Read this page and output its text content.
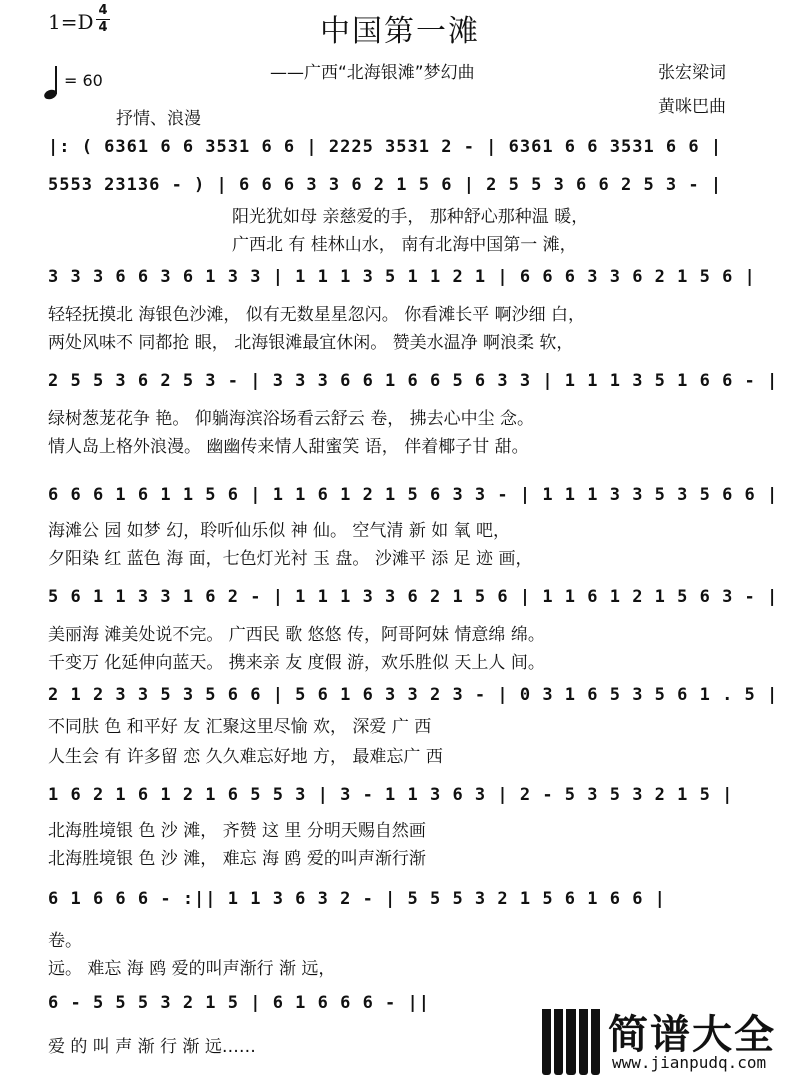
1=D 4
4	中国第一滩
——广西“北海银滩”梦幻曲	张宏梁词
黄咪巴曲
= 60
抒情、浪漫
|: ( 6361 6 6 3531 6 6 | 2225 3531 2 - | 6361 6 6 3531 6 6 |
5553 23136 - ) | 6 6 6 3 3 6 2 1 5 6 | 2 5 5 3 6 6 2 5 3 - |
阳光犹如母 亲慈爱的手， 那种舒心那种温 暖，
广西北 有 桂林山水， 南有北海中国第一 滩，
3 3 3 6 6 3 6 1 3 3 | 1 1 1 3 5 1 1 2 1 | 6 6 6 3 3 6 2 1 5 6 |
轻轻抚摸北 海银色沙滩， 似有无数星星忽闪。 你看滩长平 啊沙细 白，
两处风味不 同都抢 眼， 北海银滩最宜休闲。 赞美水温净 啊浪柔 软，
2 5 5 3 6 2 5 3 - | 3 3 3 6 6 1 6 6 5 6 3 3 | 1 1 1 3 5 1 6 6 - |
绿树葱茏花争 艳。 仰躺海滨浴场看云舒云 卷， 拂去心中尘 念。
情人岛上格外浪漫。 幽幽传来情人甜蜜笑 语， 伴着椰子甘 甜。
6 6 6 1 6 1 1 5 6 | 1 1 6 1 2 1 5 6 3 3 - | 1 1 1 3 3 5 3 5 6 6 |
海滩公 园 如梦 幻，聆听仙乐似 神 仙。 空气清 新 如 氧 吧，
夕阳染 红 蓝色 海 面，七色灯光衬 玉 盘。 沙滩平 添 足 迹 画，
5 6 1 1 3 3 1 6 2 - | 1 1 1 3 3 6 2 1 5 6 | 1 1 6 1 2 1 5 6 3 - |
美丽海 滩美处说不完。 广西民 歌 悠悠 传，阿哥阿妹 情意绵 绵。
千变万 化延伸向蓝天。 携来亲 友 度假 游，欢乐胜似 天上人 间。
2 1 2 3 3 5 3 5 6 6 | 5 6 1 6 3 3 2 3 - | 0 3 1 6 5 3 5 6 1 . 5 |
不同肤 色 和平好 友 汇聚这里尽愉 欢， 深爱 广 西
人生会 有 许多留 恋 久久难忘好地 方， 最难忘广 西
1 6 2 1 6 1 2 1 6 5 5 3 | 3 - 1 1 3 6 3 | 2 - 5 3 5 3 2 1 5 |
北海胜境银 色 沙 滩， 齐赞 这 里 分明天赐自然画
北海胜境银 色 沙 滩， 难忘 海 鸥 爱的叫声渐行渐
6 1 6 6 6 - :|| 1 1 3 6 3 2 - | 5 5 5 3 2 1 5 6 1 6 6 |
卷。
远。 难忘 海 鸥 爱的叫声渐行 渐 远，
6 - 5 5 5 3 2 1 5 | 6 1 6 6 6 - ||
爱 的 叫 声 渐 行 渐 远……	简谱大全
www.jianpudq.com
